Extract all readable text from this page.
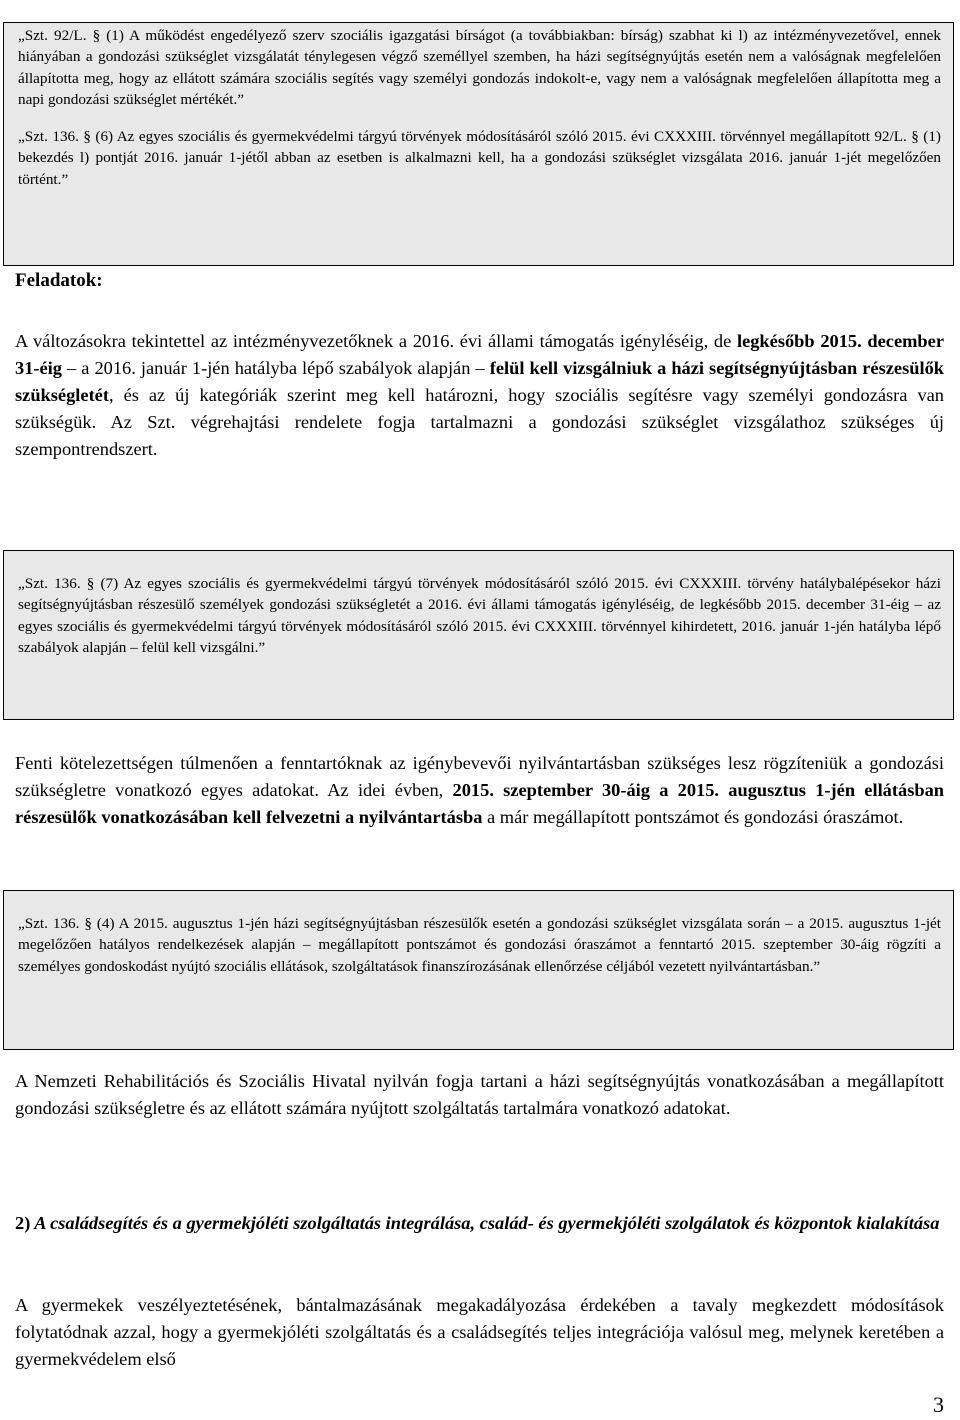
„Szt. 92/L. § (1) A működést engedélyező szerv szociális igazgatási bírságot (a továbbiakban: bírság) szabhat ki l) az intézményvezetővel, ennek hiányában a gondozási szükséglet vizsgálatát ténylegesen végző személlyel szemben, ha házi segítségnyújtás esetén nem a valóságnak megfelelően állapította meg, hogy az ellátott számára szociális segítés vagy személyi gondozás indokolt-e, vagy nem a valóságnak megfelelően állapította meg a napi gondozási szükséglet mértékét.”

„Szt. 136. § (6) Az egyes szociális és gyermekvédelmi tárgyú törvények módosításáról szóló 2015. évi CXXXIII. törvénnyel megállapított 92/L. § (1) bekezdés l) pontját 2016. január 1-jétől abban az esetben is alkalmazni kell, ha a gondozási szükséglet vizsgálata 2016. január 1-jét megelőzően történt.”

Feladatok:

A változásokra tekintettel az intézményvezetőknek a 2016. évi állami támogatás igényléséig, de legkésőbb 2015. december 31-éig – a 2016. január 1-jén hatályba lépő szabályok alapján – felül kell vizsgálniuk a házi segítségnyújtásban részesülők szükségletét, és az új kategóriák szerint meg kell határozni, hogy szociális segítésre vagy személyi gondozásra van szükségük. Az Szt. végrehajtási rendelete fogja tartalmazni a gondozási szükséglet vizsgálathoz szükséges új szempontrendszert.

„Szt. 136. § (7) Az egyes szociális és gyermekvédelmi tárgyú törvények módosításáról szóló 2015. évi CXXXIII. törvény hatálybalépésekor házi segítségnyújtásban részesülő személyek gondozási szükségletét a 2016. évi állami támogatás igényléséig, de legkésőbb 2015. december 31-éig – az egyes szociális és gyermekvédelmi tárgyú törvények módosításáról szóló 2015. évi CXXXIII. törvénnyel kihirdetett, 2016. január 1-jén hatályba lépő szabályok alapján – felül kell vizsgálni.”

Fenti kötelezettségen túlmenően a fenntartóknak az igénybevevői nyilvántartásban szükséges lesz rögzíteniük a gondozási szükségletre vonatkozó egyes adatokat. Az idei évben, 2015. szeptember 30-áig a 2015. augusztus 1-jén ellátásban részesülők vonatkozásában kell felvezetni a nyilvántartásba a már megállapított pontszámot és gondozási óraszámot.

„Szt. 136. § (4) A 2015. augusztus 1-jén házi segítségnyújtásban részesülők esetén a gondozási szükséglet vizsgálata során – a 2015. augusztus 1-jét megelőzően hatályos rendelkezések alapján – megállapított pontszámot és gondozási óraszámot a fenntartó 2015. szeptember 30-áig rögzíti a személyes gondoskodást nyújtó szociális ellátások, szolgáltatások finanszírozásának ellenőrzése céljából vezetett nyilvántartásban.”

A Nemzeti Rehabilitációs és Szociális Hivatal nyilván fogja tartani a házi segítségnyújtás vonatkozásában a megállapított gondozási szükségletre és az ellátott számára nyújtott szolgáltatás tartalmára vonatkozó adatokat.

2) A családsegítés és a gyermekjóléti szolgáltatás integrálása, család- és gyermekjóléti szolgálatok és központok kialakítása

A gyermekek veszélyeztetésének, bántalmazásának megakadályozása érdekében a tavaly megkezdett módosítások folytatódnak azzal, hogy a gyermekjóléti szolgáltatás és a családsegítés teljes integrációja valósul meg, melynek keretében a gyermekvédelem első

3
